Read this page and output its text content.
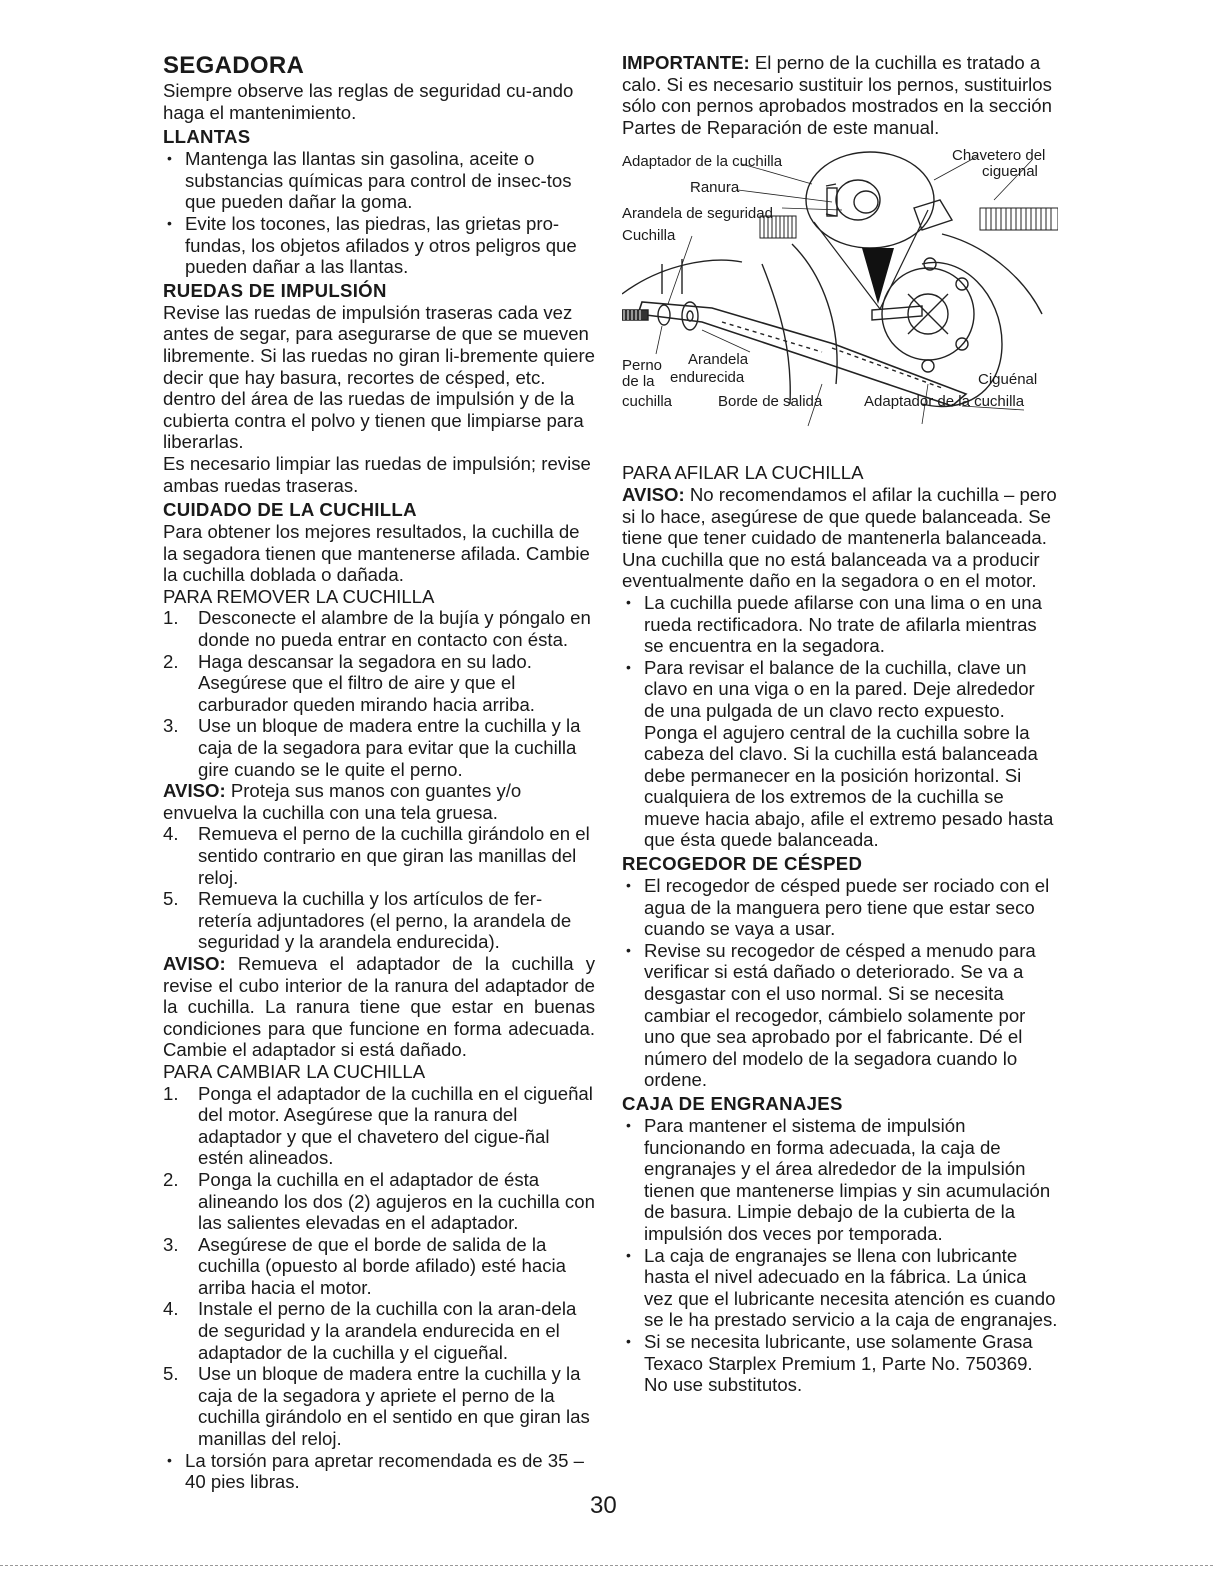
SEGADORA

Siempre observe las reglas de seguridad cu-ando haga el mantenimiento.

LLANTAS
• Mantenga las llantas sin gasolina, aceite o substancias químicas para control de insec-tos que pueden dañar la goma.
• Evite los tocones, las piedras, las grietas pro-fundas, los objetos afilados y otros peligros que pueden dañar a las llantas.
RUEDAS DE IMPULSIÓN

Revise las ruedas de impulsión traseras cada vez antes de segar, para asegurarse de que se mueven libremente. Si las ruedas no giran li-bremente quiere decir que hay basura, recortes de césped, etc. dentro del área de las ruedas de impulsión y de la cubierta contra el polvo y tienen que limpiarse para liberarlas.

Es necesario limpiar las ruedas de impulsión; revise ambas ruedas traseras.

CUIDADO DE LA CUCHILLA

Para obtener los mejores resultados, la cuchilla de la segadora tienen que mantenerse afilada. Cambie la cuchilla doblada o dañada.

PARA REMOVER LA CUCHILLA

1. Desconecte el alambre de la bujía y póngalo en donde no pueda entrar en contacto con ésta.
2. Haga descansar la segadora en su lado. Asegúrese que el filtro de aire y que el carburador queden mirando hacia arriba.
3. Use un bloque de madera entre la cuchilla y la caja de la segadora para evitar que la cuchilla gire cuando se le quite el perno.

AVISO: Proteja sus manos con guantes y/o envuelva la cuchilla con una tela gruesa.

4. Remueva el perno de la cuchilla girándolo en el sentido contrario en que giran las manillas del reloj.
5. Remueva la cuchilla y los artículos de fer-retería adjuntadores (el perno, la arandela de seguridad y la arandela endurecida).

AVISO: Remueva el adaptador de la cuchilla y revise el cubo interior de la ranura del adaptador de la cuchilla. La ranura tiene que estar en buenas condiciones para que funcione en forma adecuada. Cambie el adaptador si está dañado.

PARA CAMBIAR LA CUCHILLA

1. Ponga el adaptador de la cuchilla en el cigueñal del motor. Asegúrese que la ranura del adaptador y que el chavetero del cigue-ñal estén alineados.
2. Ponga la cuchilla en el adaptador de ésta alineando los dos (2) agujeros en la cuchilla con las salientes elevadas en el adaptador.
3. Asegúrese de que el borde de salida de la cuchilla (opuesto al borde afilado) esté hacia arriba hacia el motor.
4. Instale el perno de la cuchilla con la aran-dela de seguridad y la arandela endurecida en el adaptador de la cuchilla y el cigueñal.
5. Use un bloque de madera entre la cuchilla y la caja de la segadora y apriete el perno de la cuchilla girándolo en el sentido en que giran las manillas del reloj.
• La torsión para apretar recomendada es de 35 – 40 pies libras.

IMPORTANTE: El perno de la cuchilla es tratado a calo. Si es necesario sustituir los pernos, sustituirlos sólo con pernos aprobados mostrados en la sección Partes de Reparación de este manual.

Adaptador de la cuchilla	Chavetero del
ciguenal
Ranura
Arandela de seguridad
Cuchilla
Perno
de la
cuchilla
Arandela
endurecida
Borde de salida
Ciguénal
Adaptador de la cuchilla

PARA AFILAR LA CUCHILLA

AVISO: No recomendamos el afilar la cuchilla – pero si lo hace, asegúrese de que quede balanceada. Se tiene que tener cuidado de mantenerla balanceada. Una cuchilla que no está balanceada va a producir eventualmente daño en la segadora o en el motor.

• La cuchilla puede afilarse con una lima o en una rueda rectificadora. No trate de afilarla mientras se encuentra en la segadora.
• Para revisar el balance de la cuchilla, clave un clavo en una viga o en la pared. Deje alrededor de una pulgada de un clavo recto expuesto. Ponga el agujero central de la cuchilla sobre la cabeza del clavo. Si la cuchilla está balanceada debe permanecer en la posición horizontal. Si cualquiera de los extremos de la cuchilla se mueve hacia abajo, afile el extremo pesado hasta que ésta quede balanceada.
RECOGEDOR DE CÉSPED
• El recogedor de césped puede ser rociado con el agua de la manguera pero tiene que estar seco cuando se vaya a usar.
• Revise su recogedor de césped a menudo para verificar si está dañado o deteriorado. Se va a desgastar con el uso normal. Si se necesita cambiar el recogedor, cámbielo solamente por uno que sea aprobado por el fabricante. Dé el número del modelo de la segadora cuando lo ordene.
CAJA DE ENGRANAJES
• Para mantener el sistema de impulsión funcionando en forma adecuada, la caja de engranajes y el área alrededor de la impulsión tienen que mantenerse limpias y sin acumulación de basura. Limpie debajo de la cubierta de la impulsión dos veces por temporada.
• La caja de engranajes se llena con lubricante hasta el nivel adecuado en la fábrica. La única vez que el lubricante necesita atención es cuando se le ha prestado servicio a la caja de engranajes.
• Si se necesita lubricante, use solamente Grasa Texaco Starplex Premium 1, Parte No. 750369. No use substitutos.
30
